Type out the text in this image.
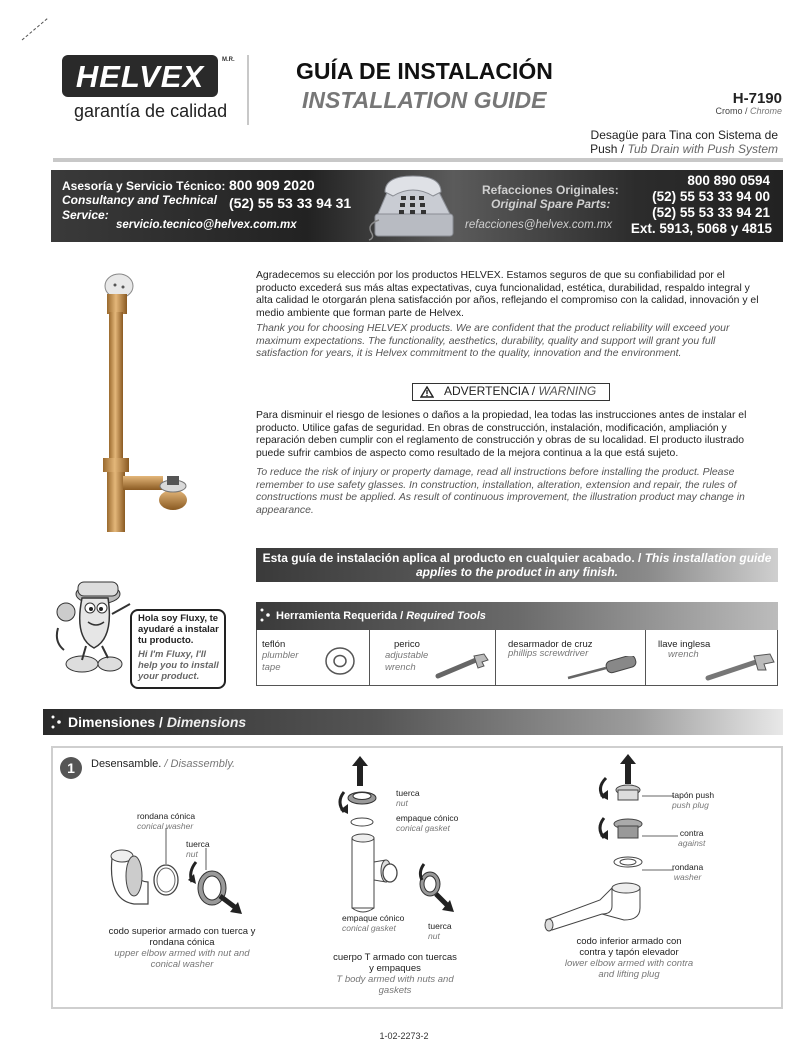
HELVEX	M.R.
garantía de calidad
GUÍA DE INSTALACIÓN
INSTALLATION GUIDE	H-7190
Cromo / Chrome
Desagüe para Tina con Sistema de Push / Tub Drain with Push System
Asesoría y Servicio Técnico:
Consultancy and Technical Service:
800 909 2020
(52) 55 53 33 94 31
servicio.tecnico@helvex.com.mx
Refacciones Originales:
Original Spare Parts:
refacciones@helvex.com.mx
800 890 0594
(52) 55 53 33 94 00
(52) 55 53 33 94 21
Ext. 5913, 5068 y 4815
Agradecemos su elección por los productos HELVEX. Estamos seguros de que su confiabilidad por el producto excederá sus más altas expectativas, cuya funcionalidad, estética, durabilidad, respaldo integral y alta calidad le otorgarán plena satisfacción por años, reflejando el compromiso con la calidad, innovación y el medio ambiente que forman parte de Helvex.
Thank you for choosing HELVEX products. We are confident that the product reliability will exceed your maximum expectations. The functionality, aesthetics, durability, quality and support will grant you full satisfaction for years, it is Helvex commitment to the quality, innovation and the environment.
ADVERTENCIA / WARNING
Para disminuir el riesgo de lesiones o daños a la propiedad, lea todas las instrucciones antes de instalar el producto. Utilice gafas de seguridad. En obras de construcción, instalación, modificación, ampliación y reparación deben cumplir con el reglamento de construcción y obras de su localidad. El producto ilustrado puede sufrir cambios de aspecto como resultado de la mejora continua a la que está sujeto.
To reduce the risk of injury or property damage, read all instructions before installing the product. Please remember to use safety glasses. In construction, installation, alteration, extension and repair, the rules of constructions must be applied. As result of continuous improvement, the illustration product may change in appearance.
Esta guía de instalación aplica al producto en cualquier acabado. / This installation guide applies to the product in any finish.
Hola soy Fluxy, te ayudaré a instalar tu producto.
Hi I'm Fluxy, I'll help you to install your product.
Herramienta Requerida / Required Tools
teflón
plumbler tape
perico
adjustable wrench
desarmador de cruz
phillips screwdriver
llave inglesa
wrench
Dimensiones / Dimensions
1	Desensamble. / Disassembly.
rondana cónica
conical washer
tuerca
nut
codo superior armado con tuerca y rondana cónica
upper elbow armed with nut and conical washer
tuerca
nut
empaque cónico
conical gasket
empaque cónico
conical gasket	tuerca
nut
cuerpo T armado con tuercas y empaques
T body armed with nuts and gaskets
tapón push
push plug
contra
against
rondana
washer
codo inferior armado con contra y tapón elevador
lower elbow armed with contra and lifting plug
1-02-2273-2
